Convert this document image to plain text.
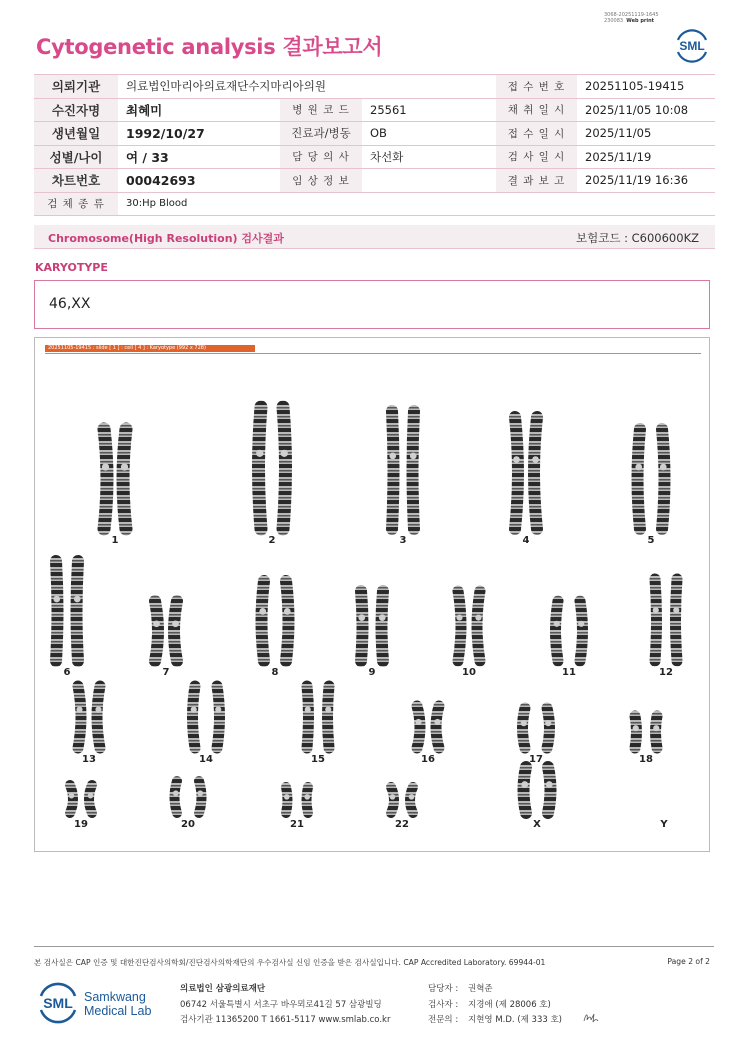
3068-20251119-1645
230083 Web print
Cytogenetic analysis 결과보고서	SML
의뢰기관	의료법인마리아의료재단수지마리아의원			접 수 번 호	20251105-19415
수진자명	최혜미	병 원 코 드	25561	채 취 일 시	2025/11/05 10:08
생년월일	1992/10/27	진료과/병동	OB	접 수 일 시	2025/11/05
성별/나이	여 / 33	담 당 의 사	차선화	검 사 일 시	2025/11/19
차트번호	00042693	임 상 정 보		결 과 보 고	2025/11/19 16:36
검 체 종 류	30:Hp Blood				
Chromosome(High Resolution) 검사결과	보험코드 : C600600KZ
KARYOTYPE
46,XX
20251105-19415 : slide [ 1 ] : cell [ 4 ] : Karyotype (992 x 728)
1	2	3	4	5
6	7	8	9	10	11	12
13	14	15	16	17	18
19	20	21	22	X	Y
본 검사실은 CAP 인증 및 대한진단검사의학회/진단검사의학재단의 우수검사실 신임 인증을 받은 검사실입니다. CAP Accredited Laboratory. 69944-01	Page 2 of 2
SML Samkwang
Medical Lab
의료법인 삼광의료재단
06742 서울특별시 서초구 바우뫼로41길 57 삼광빌딩
검사기관 11365200 T 1661-5117 www.smlab.co.kr
담당자 : 권혁준
검사자 : 지경애 (제 28006 호)
전문의 : 지현영 M.D. (제 333 호)
